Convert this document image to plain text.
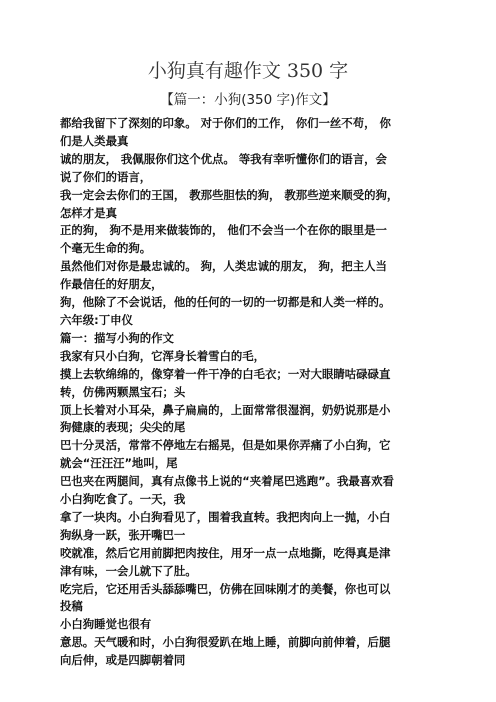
小狗真有趣作文 350 字

【篇一：小狗(350 字)作文】

都给我留下了深刻的印象。 对于你们的工作， 你们一丝不苟， 你

们是人类最真

诚的朋友， 我佩服你们这个优点。 等我有幸听懂你们的语言，会

说了你们的语言，

我一定会去你们的王国， 教那些胆怯的狗， 教那些逆来顺受的狗，

怎样才是真

正的狗， 狗不是用来做装饰的， 他们不会当一个在你的眼里是一

个毫无生命的狗。

虽然他们对你是最忠诚的。 狗，人类忠诚的朋友， 狗，把主人当

作最信任的好朋友，

狗，他除了不会说话，他的任何的一切的一切都是和人类一样的。

六年级:丁申仪

篇一：描写小狗的作文

我家有只小白狗，它浑身长着雪白的毛，

摸上去软绵绵的，像穿着一件干净的白毛衣；一对大眼睛咕碌碌直

转，仿佛两颗黑宝石；头

顶上长着对小耳朵，鼻子扁扁的，上面常常很湿润，奶奶说那是小

狗健康的表现；尖尖的尾

巴十分灵活，常常不停地左右摇晃，但是如果你弄痛了小白狗，它

就会“汪汪汪”地叫，尾

巴也夹在两腿间，真有点像书上说的“夹着尾巴逃跑”。我最喜欢看

小白狗吃食了。一天，我

拿了一块肉。小白狗看见了，围着我直转。我把肉向上一抛，小白

狗纵身一跃，张开嘴巴一

咬就准，然后它用前脚把肉按住，用牙一点一点地撕，吃得真是津

津有味，一会儿就下了肚。

吃完后，它还用舌头舔舔嘴巴，仿佛在回味刚才的美餐，你也可以

投稿

小白狗睡觉也很有

意思。天气暖和时，小白狗很爱趴在地上睡，前脚向前伸着，后腿

向后伸，或是四脚朝着同
